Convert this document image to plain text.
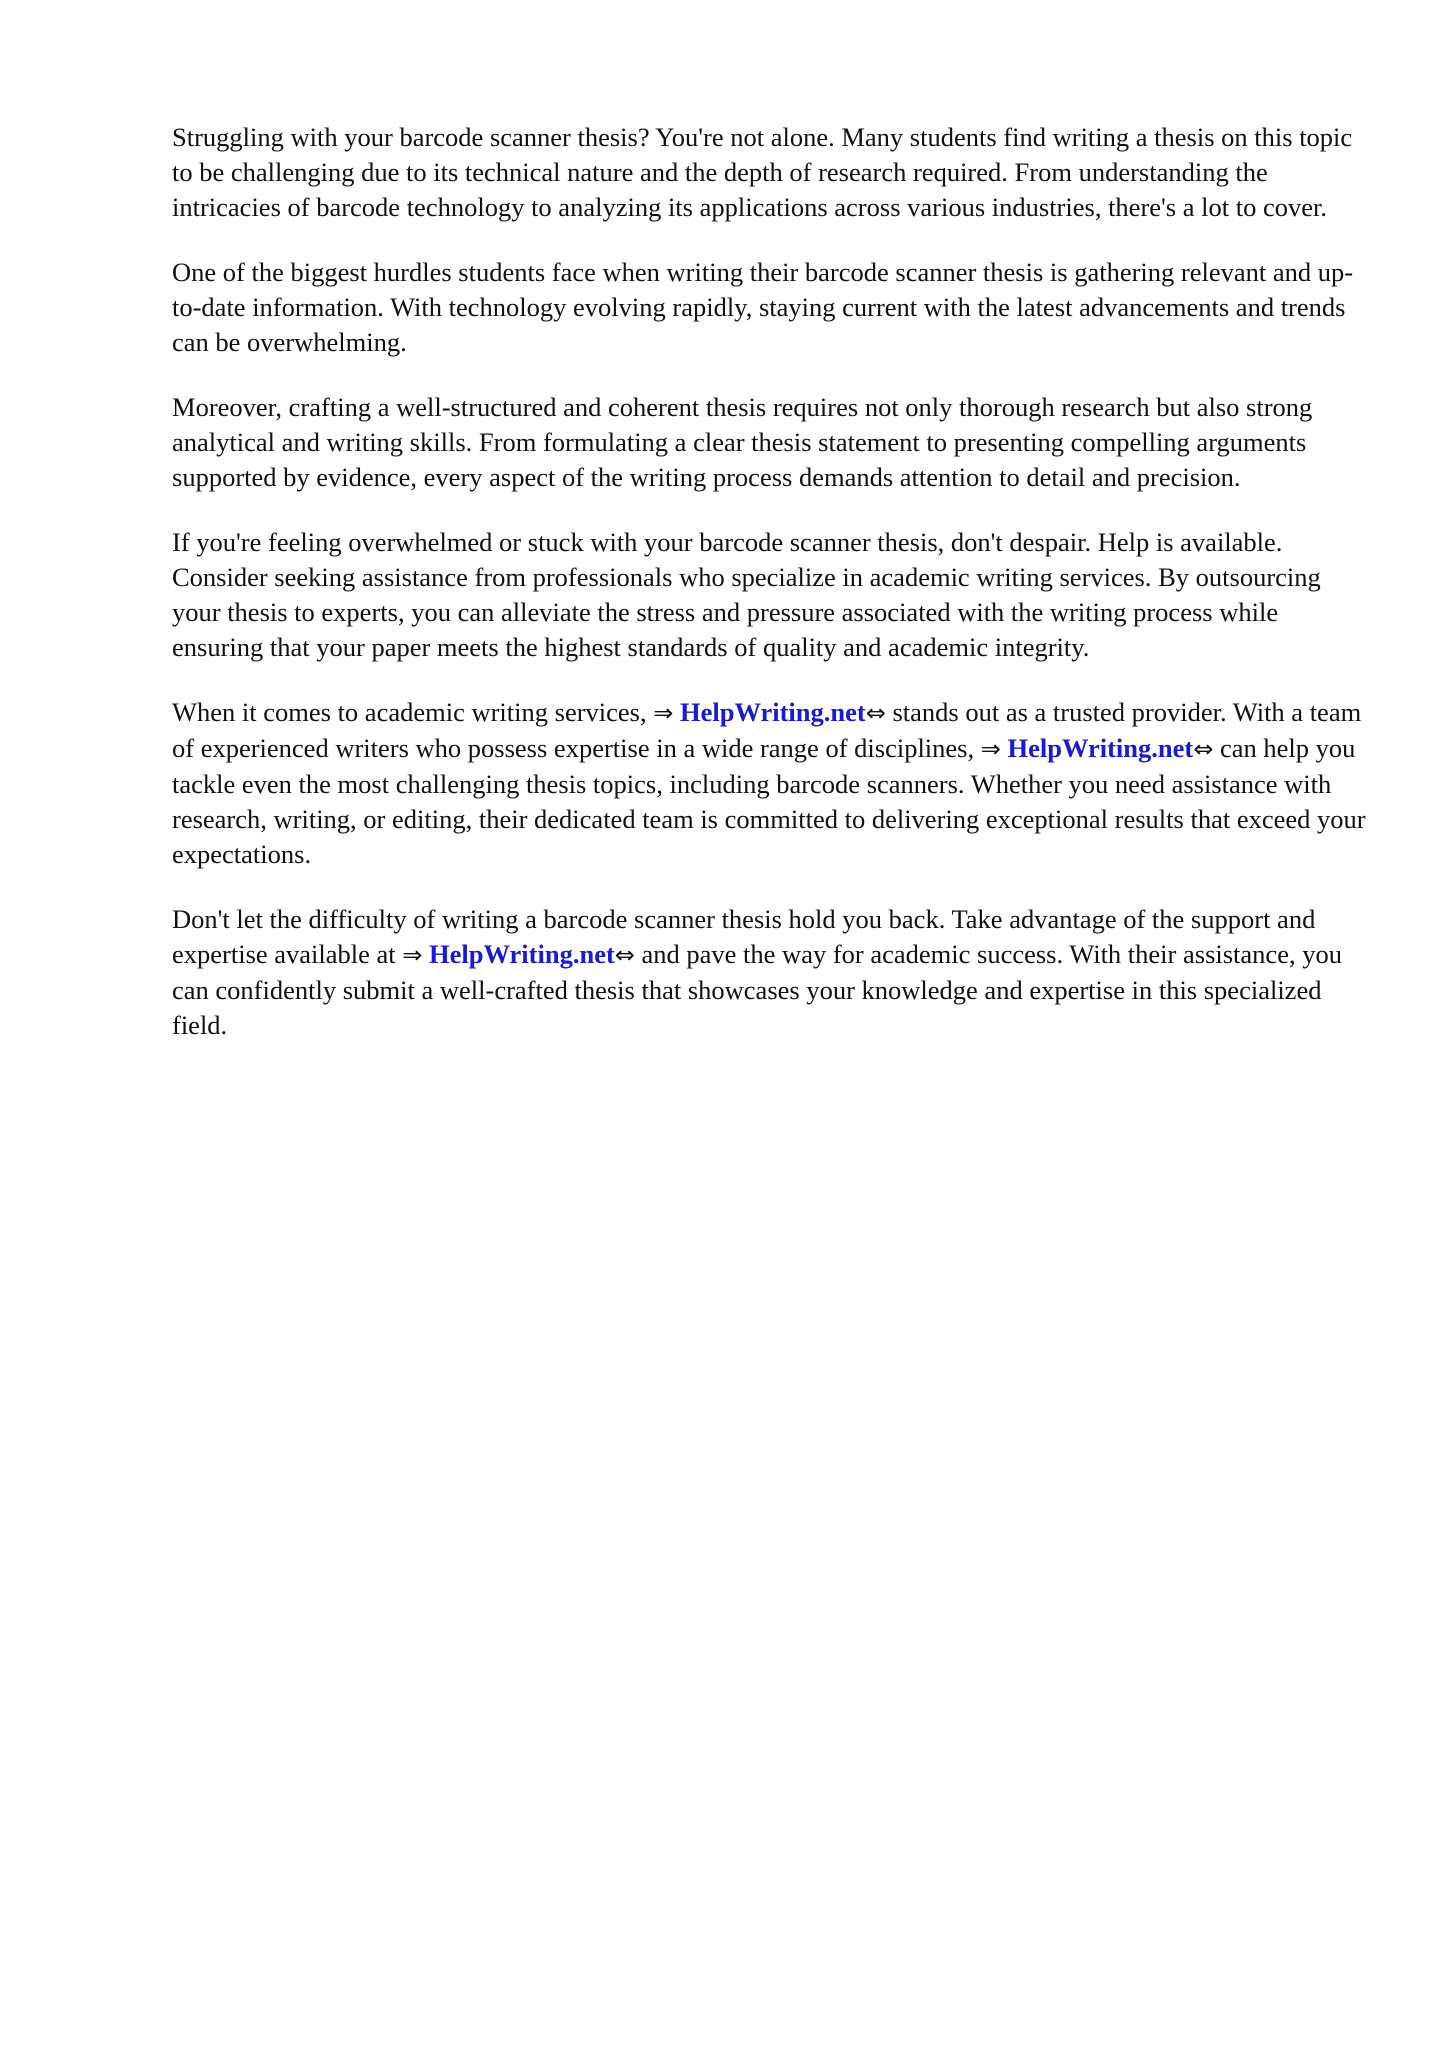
Struggling with your barcode scanner thesis? You're not alone. Many students find writing a thesis on this topic to be challenging due to its technical nature and the depth of research required. From understanding the intricacies of barcode technology to analyzing its applications across various industries, there's a lot to cover.

One of the biggest hurdles students face when writing their barcode scanner thesis is gathering relevant and up-to-date information. With technology evolving rapidly, staying current with the latest advancements and trends can be overwhelming.

Moreover, crafting a well-structured and coherent thesis requires not only thorough research but also strong analytical and writing skills. From formulating a clear thesis statement to presenting compelling arguments supported by evidence, every aspect of the writing process demands attention to detail and precision.

If you're feeling overwhelmed or stuck with your barcode scanner thesis, don't despair. Help is available. Consider seeking assistance from professionals who specialize in academic writing services. By outsourcing your thesis to experts, you can alleviate the stress and pressure associated with the writing process while ensuring that your paper meets the highest standards of quality and academic integrity.

When it comes to academic writing services, ⇒ HelpWriting.net⇔ stands out as a trusted provider. With a team of experienced writers who possess expertise in a wide range of disciplines, ⇒ HelpWriting.net⇔ can help you tackle even the most challenging thesis topics, including barcode scanners. Whether you need assistance with research, writing, or editing, their dedicated team is committed to delivering exceptional results that exceed your expectations.

Don't let the difficulty of writing a barcode scanner thesis hold you back. Take advantage of the support and expertise available at ⇒ HelpWriting.net⇔ and pave the way for academic success. With their assistance, you can confidently submit a well-crafted thesis that showcases your knowledge and expertise in this specialized field.
